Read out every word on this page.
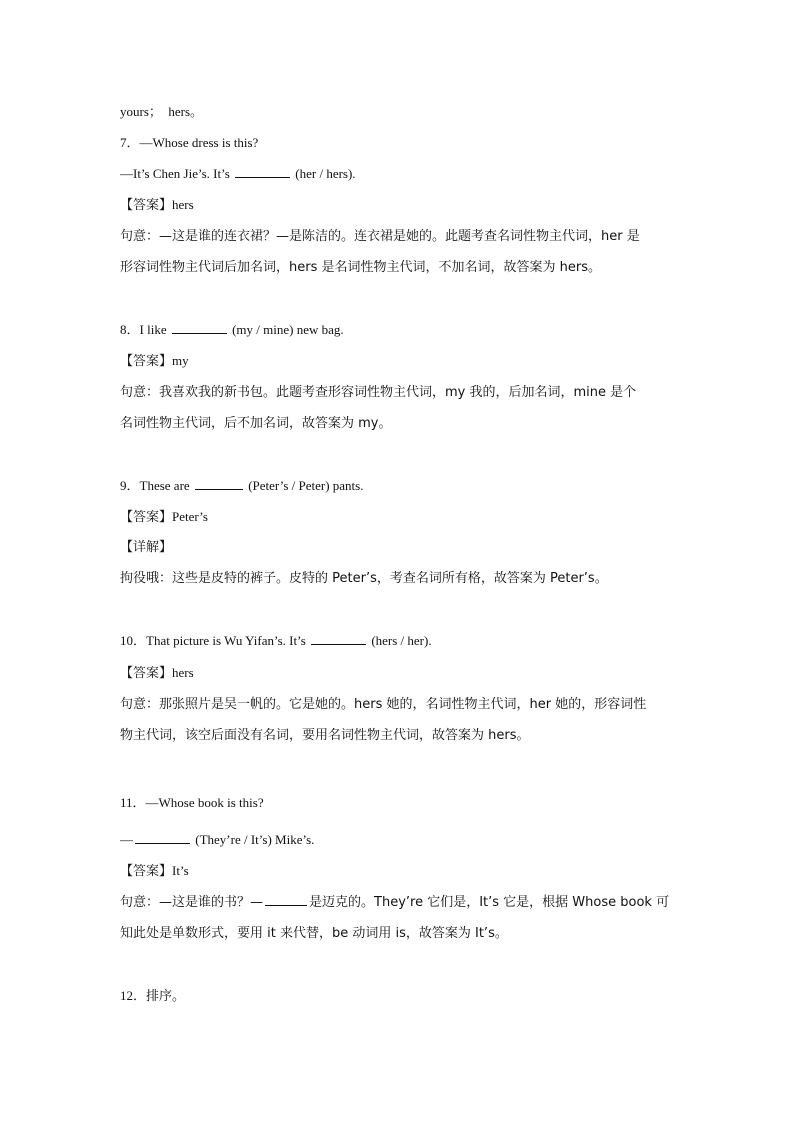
yours；　hers。
7．—Whose dress is this?
—It’s Chen Jie’s. It’s	(her / hers).
【答案】hers
句意：—这是谁的连衣裙？—是陈洁的。连衣裙是她的。此题考查名词性物主代词，her 是
形容词性物主代词后加名词，hers 是名词性物主代词，不加名词，故答案为 hers。
8．I like	(my / mine) new bag.
【答案】my
句意：我喜欢我的新书包。此题考查形容词性物主代词，my 我的，后加名词，mine 是个
名词性物主代词，后不加名词，故答案为 my。
9．These are	(Peter’s / Peter) pants.
【答案】Peter’s
【详解】
拘役哦：这些是皮特的裤子。皮特的 Peter’s，考查名词所有格，故答案为 Peter’s。
10．That picture is Wu Yifan’s. It’s	(hers / her).
【答案】hers
句意：那张照片是吴一帆的。它是她的。hers 她的，名词性物主代词，her 她的，形容词性
物主代词，该空后面没有名词，要用名词性物主代词，故答案为 hers。
11．—Whose book is this?
—	(They’re / It’s) Mike’s.
【答案】It’s
句意：—这是谁的书？—	是迈克的。They’re 它们是，It’s 它是，根据 Whose book 可
知此处是单数形式，要用 it 来代替，be 动词用 is，故答案为 It’s。
12．排序。
